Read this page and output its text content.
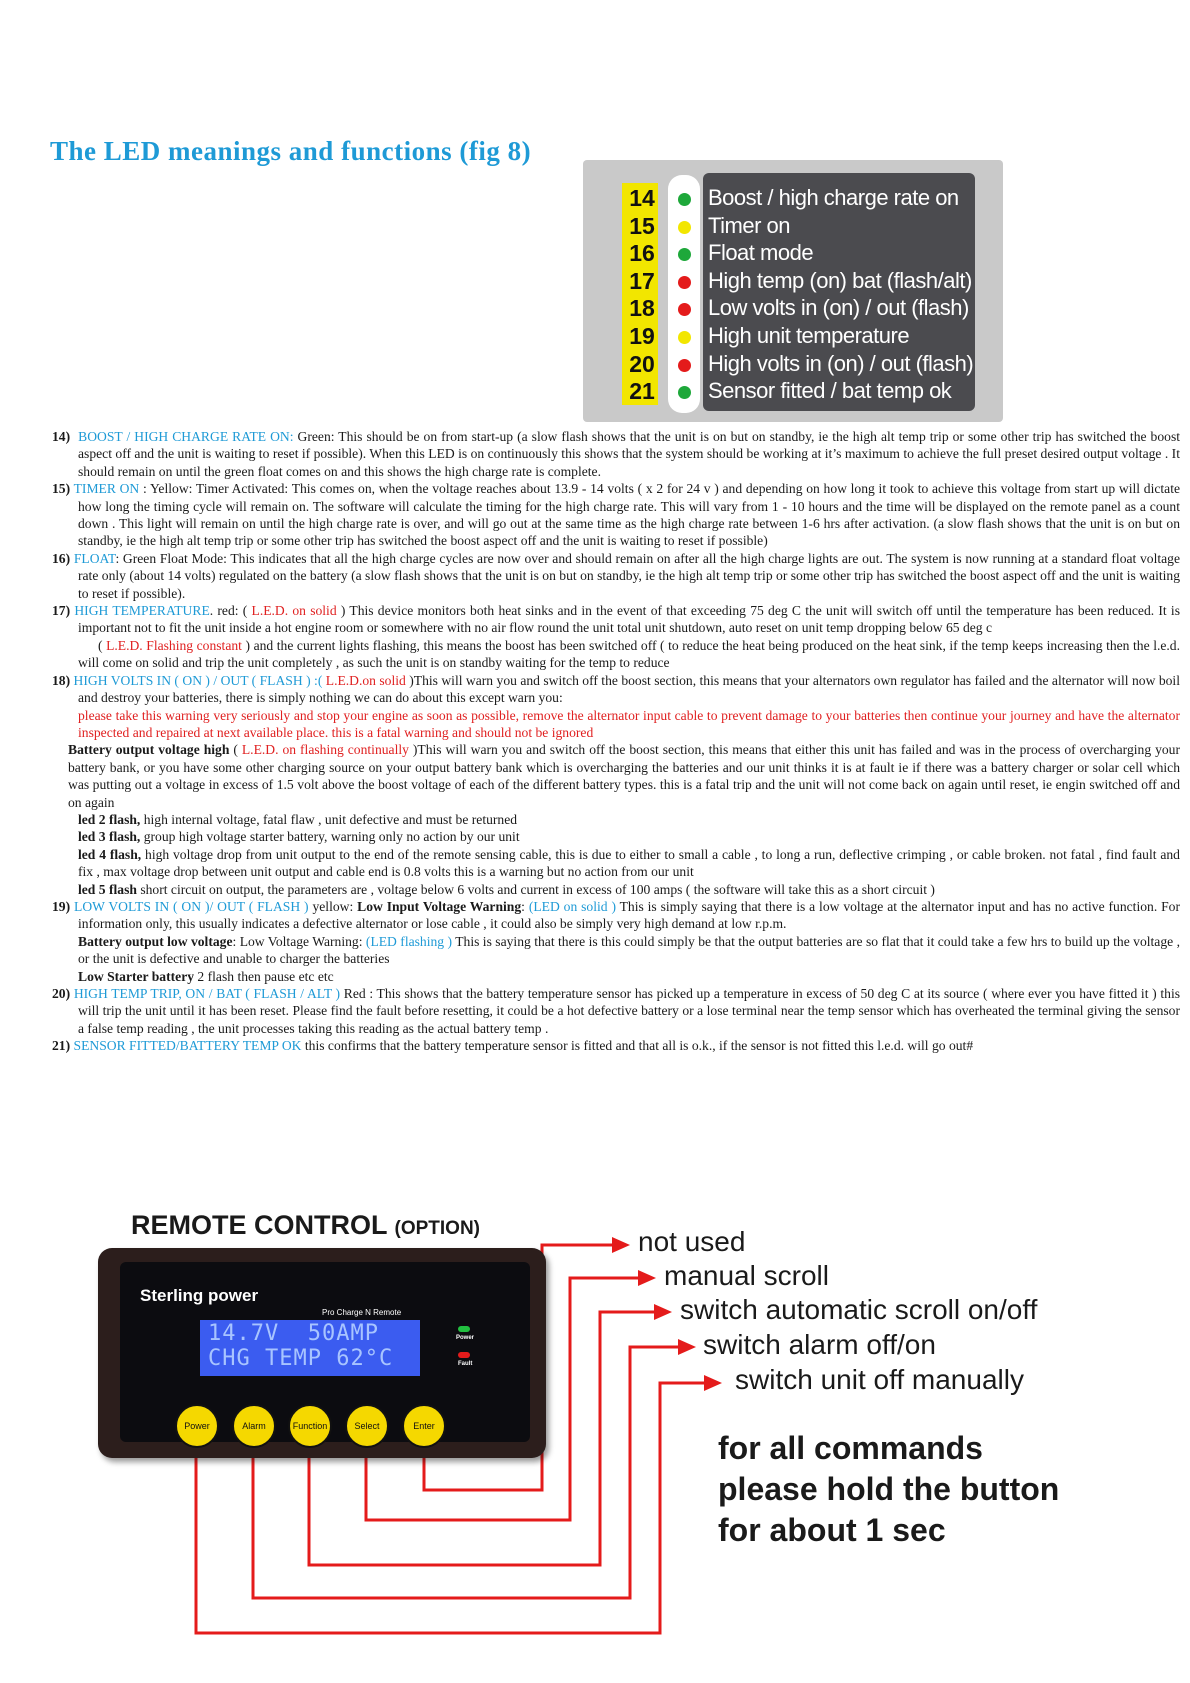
The LED meanings and functions (fig 8)
14 Boost / high charge rate on
15 Timer on
16 Float mode
17 High temp (on) bat (flash/alt)
18 Low volts in (on) / out (flash)
19 High unit temperature
20 High volts in (on) / out (flash)
21 Sensor fitted / bat temp ok

14) BOOST / HIGH CHARGE RATE ON: Green: This should be on from start-up (a slow flash shows that the unit is on but on standby, ie the high alt temp trip or some other trip has switched the boost aspect off and the unit is waiting to reset if possible). When this LED is on continuously this shows that the system should be working at it’s maximum to achieve the full preset desired output voltage . It should remain on until the green float comes on and this shows the high charge rate is complete.

15) TIMER ON : Yellow: Timer Activated: This comes on, when the voltage reaches about 13.9 - 14 volts ( x 2 for 24 v ) and depending on how long it took to achieve this voltage from start up will dictate how long the timing cycle will remain on. The software will calculate the timing for the high charge rate. This will vary from 1 - 10 hours and the time will be displayed on the remote panel as a count down . This light will remain on until the high charge rate is over, and will go out at the same time as the high charge rate between 1-6 hrs after activation. (a slow flash shows that the unit is on but on standby, ie the high alt temp trip or some other trip has switched the boost aspect off and the unit is waiting to reset if possible)

16) FLOAT: Green Float Mode: This indicates that all the high charge cycles are now over and should remain on after all the high charge lights are out. The system is now running at a standard float voltage rate only (about 14 volts) regulated on the battery (a slow flash shows that the unit is on but on standby, ie the high alt temp trip or some other trip has switched the boost aspect off and the unit is waiting to reset if possible).

17) HIGH TEMPERATURE. red: ( L.E.D. on solid ) This device monitors both heat sinks and in the event of that exceeding 75 deg C the unit will switch off until the temperature has been reduced. It is important not to fit the unit inside a hot engine room or somewhere with no air flow round the unit total unit shutdown, auto reset on unit temp dropping below 65 deg c

( L.E.D. Flashing constant ) and the current lights flashing, this means the boost has been switched off ( to reduce the heat being produced on the heat sink, if the temp keeps increasing then the l.e.d. will come on solid and trip the unit completely , as such the unit is on standby waiting for the temp to reduce

18) HIGH VOLTS IN ( ON ) / OUT ( FLASH ) :( L.E.D.on solid )This will warn you and switch off the boost section, this means that your alternators own regulator has failed and the alternator will now boil and destroy your batteries, there is simply nothing we can do about this except warn you:

please take this warning very seriously and stop your engine as soon as possible, remove the alternator input cable to prevent damage to your batteries then continue your journey and have the alternator inspected and repaired at next available place. this is a fatal warning and should not be ignored

Battery output voltage high ( L.E.D. on flashing continually )This will warn you and switch off the boost section, this means that either this unit has failed and was in the process of overcharging your battery bank, or you have some other charging source on your output battery bank which is overcharging the batteries and our unit thinks it is at fault ie if there was a battery charger or solar cell which was putting out a voltage in excess of 1.5 volt above the boost voltage of each of the different battery types. this is a fatal trip and the unit will not come back on again until reset, ie engin switched off and on again

led 2 flash, high internal voltage, fatal flaw , unit defective and must be returned

led 3 flash, group high voltage starter battery, warning only no action by our unit

led 4 flash, high voltage drop from unit output to the end of the remote sensing cable, this is due to either to small a cable , to long a run, deflective crimping , or cable broken. not fatal , find fault and fix , max voltage drop between unit output and cable end is 0.8 volts this is a warning but no action from our unit

led 5 flash short circuit on output, the parameters are , voltage below 6 volts and current in excess of 100 amps ( the software will take this as a short circuit )

19) LOW VOLTS IN ( ON )/ OUT ( FLASH ) yellow: Low Input Voltage Warning: (LED on solid ) This is simply saying that there is a low voltage at the alternator input and has no active function. For information only, this usually indicates a defective alternator or lose cable , it could also be simply very high demand at low r.p.m.

Battery output low voltage: Low Voltage Warning: (LED flashing ) This is saying that there is this could simply be that the output batteries are so flat that it could take a few hrs to build up the voltage , or the unit is defective and unable to charger the batteries

Low Starter battery 2 flash then pause etc etc

20) HIGH TEMP TRIP, ON / BAT ( FLASH / ALT ) Red : This shows that the battery temperature sensor has picked up a temperature in excess of 50 deg C at its source ( where ever you have fitted it ) this will trip the unit until it has been reset. Please find the fault before resetting, it could be a hot defective battery or a lose terminal near the temp sensor which has overheated the terminal giving the sensor a false temp reading , the unit processes taking this reading as the actual battery temp .

21) SENSOR FITTED/BATTERY TEMP OK this confirms that the battery temperature sensor is fitted and that all is o.k., if the sensor is not fitted this l.e.d. will go out#

REMOTE CONTROL (OPTION)
Sterling power
Pro Charge N Remote
14.7V  50AMP
CHG TEMP 62°C
Power
Fault
Power	Alarm	Function	Select	Enter
not used
manual scroll
switch automatic scroll on/off
switch alarm off/on
switch unit off manually
for all commands
please hold the button
for about 1 sec
